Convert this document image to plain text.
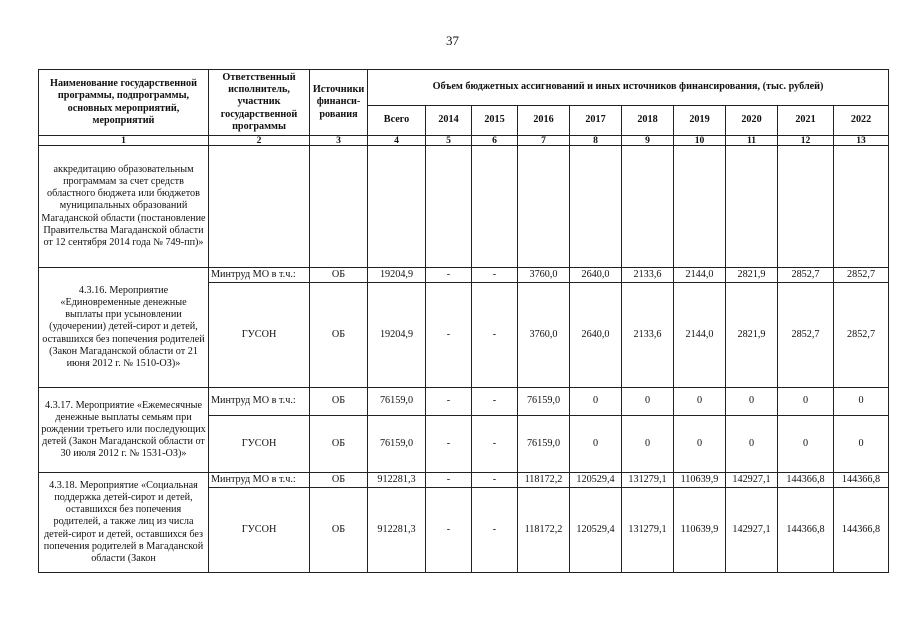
37
Наименование государственной программы, подпрограммы, основных мероприятий, мероприятий	Ответственный исполнитель, участник государственной программы	Источники финанси-рования	Объем бюджетных ассигнований и иных источников финансирования, (тыс. рублей)									
			Всего	2014	2015	2016	2017	2018	2019	2020	2021	2022
1	2	3	4	5	6	7	8	9	10	11	12	13
аккредитацию образовательным программам за счет средств областного бюджета или бюджетов муниципальных образований Магаданской области (постановление Правительства Магаданской области от 12 сентября 2014 года № 749-пп)»												
4.3.16. Мероприятие «Единовременные денежные выплаты при усыновлении (удочерении) детей-сирот и детей, оставшихся без попечения родителей (Закон Магаданской области от 21 июня 2012 г. № 1510-ОЗ)»	Минтруд МО в т.ч.:	ОБ	19204,9	-	-	3760,0	2640,0	2133,6	2144,0	2821,9	2852,7	2852,7
	ГУСОН	ОБ	19204,9	-	-	3760,0	2640,0	2133,6	2144,0	2821,9	2852,7	2852,7
4.3.17. Мероприятие «Ежемесячные денежные выплаты семьям при рождении третьего или последующих детей (Закон Магаданской области от 30 июля 2012 г. № 1531-ОЗ)»	Минтруд МО в т.ч.:	ОБ	76159,0	-	-	76159,0	0	0	0	0	0	0
	ГУСОН	ОБ	76159,0	-	-	76159,0	0	0	0	0	0	0
4.3.18. Мероприятие «Социальная поддержка детей-сирот и детей, оставшихся без попечения родителей, а также лиц из числа детей-сирот и детей, оставшихся без попечения родителей в Магаданской области (Закон	Минтруд МО в т.ч.:	ОБ	912281,3	-	-	118172,2	120529,4	131279,1	110639,9	142927,1	144366,8	144366,8
	ГУСОН	ОБ	912281,3	-	-	118172,2	120529,4	131279,1	110639,9	142927,1	144366,8	144366,8
